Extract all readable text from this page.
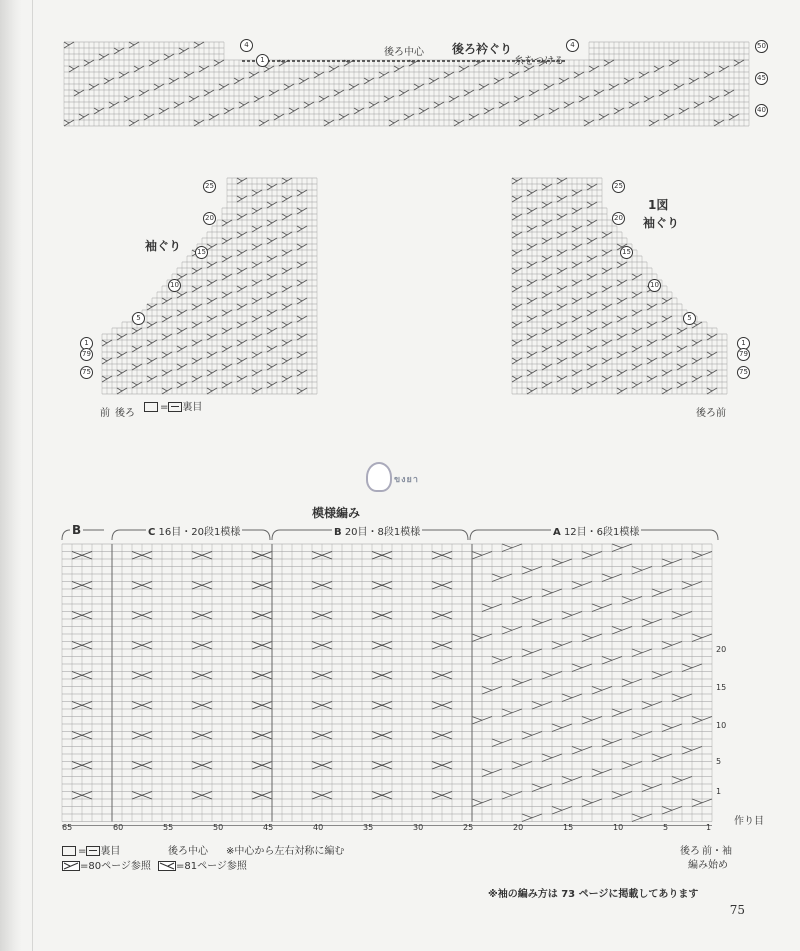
後ろ衿ぐり
後ろ中心
糸をつける
4
1
4	50
45
40
袖ぐり
25
20
15
10
5
1
79
75
前 後ろ
= 裏目
1図
袖ぐり
25
20
15
10
5
1
79
75
後ろ 前
ขงยา
模様編み
B	C 16目・20段1模様	B 20目・8段1模様	A 12目・6段1模様
作り目
20
15
10
5
1
65	60	55	50	45	40	35	30	25	20	15	10	5	1
後ろ中心 ※中心から左右対称に編む	後ろ 前・袖
編み始め
= 裏目
=80ページ参照	=81ページ参照
※袖の編み方は 73 ページに掲載してあります
75
